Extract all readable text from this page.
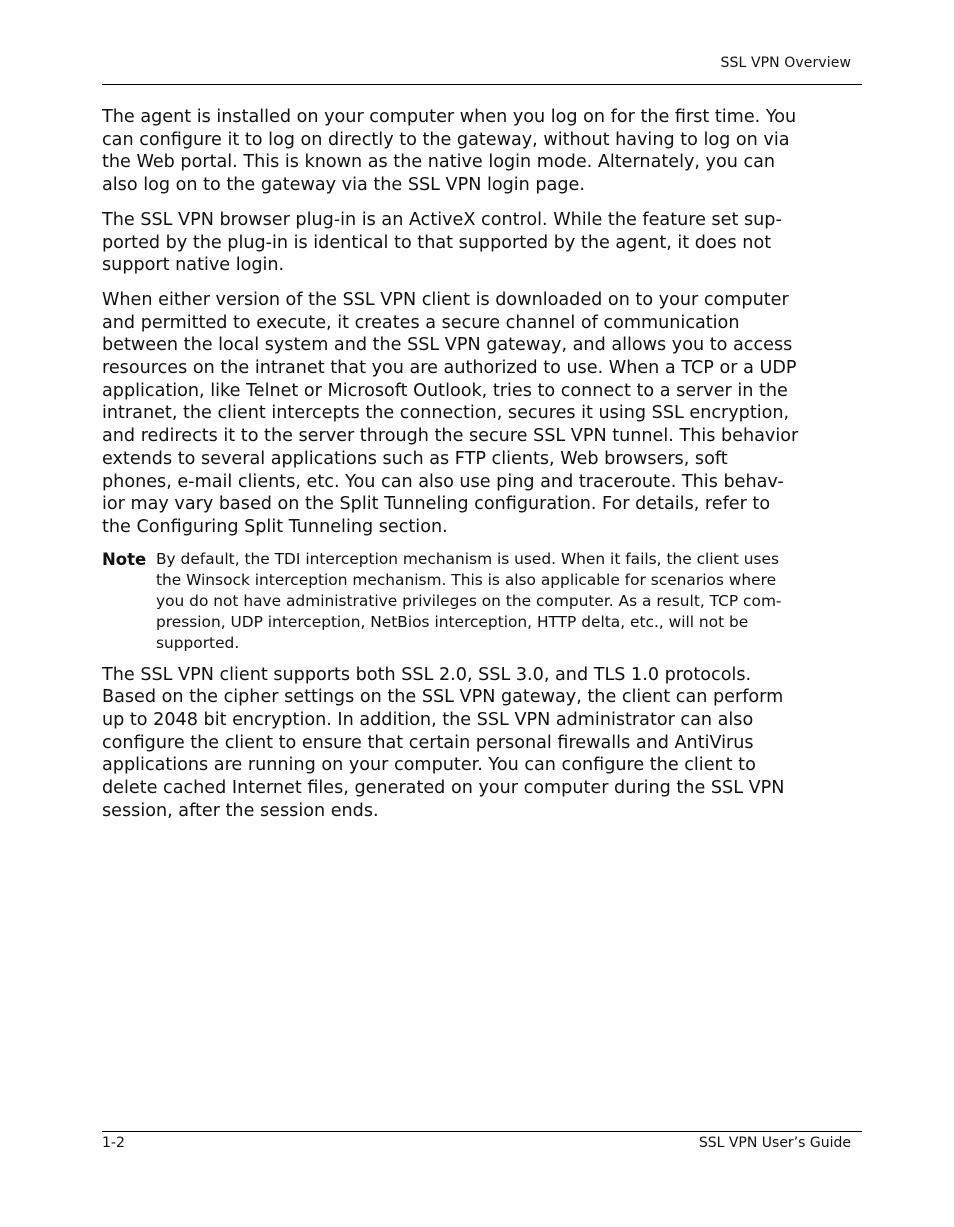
SSL VPN Overview

The agent is installed on your computer when you log on for the first time. You
can configure it to log on directly to the gateway, without having to log on via
the Web portal. This is known as the native login mode. Alternately, you can
also log on to the gateway via the SSL VPN login page.

The SSL VPN browser plug-in is an ActiveX control. While the feature set sup-
ported by the plug-in is identical to that supported by the agent, it does not
support native login.

When either version of the SSL VPN client is downloaded on to your computer
and permitted to execute, it creates a secure channel of communication
between the local system and the SSL VPN gateway, and allows you to access
resources on the intranet that you are authorized to use. When a TCP or a UDP
application, like Telnet or Microsoft Outlook, tries to connect to a server in the
intranet, the client intercepts the connection, secures it using SSL encryption,
and redirects it to the server through the secure SSL VPN tunnel. This behavior
extends to several applications such as FTP clients, Web browsers, soft
phones, e-mail clients, etc. You can also use ping and traceroute. This behav-
ior may vary based on the Split Tunneling configuration. For details, refer to
the Configuring Split Tunneling section.

Note By default, the TDI interception mechanism is used. When it fails, the client uses
the Winsock interception mechanism. This is also applicable for scenarios where
you do not have administrative privileges on the computer. As a result, TCP com-
pression, UDP interception, NetBios interception, HTTP delta, etc., will not be
supported.

The SSL VPN client supports both SSL 2.0, SSL 3.0, and TLS 1.0 protocols.
Based on the cipher settings on the SSL VPN gateway, the client can perform
up to 2048 bit encryption. In addition, the SSL VPN administrator can also
configure the client to ensure that certain personal firewalls and AntiVirus
applications are running on your computer. You can configure the client to
delete cached Internet files, generated on your computer during the SSL VPN
session, after the session ends.

1-2	SSL VPN User’s Guide
